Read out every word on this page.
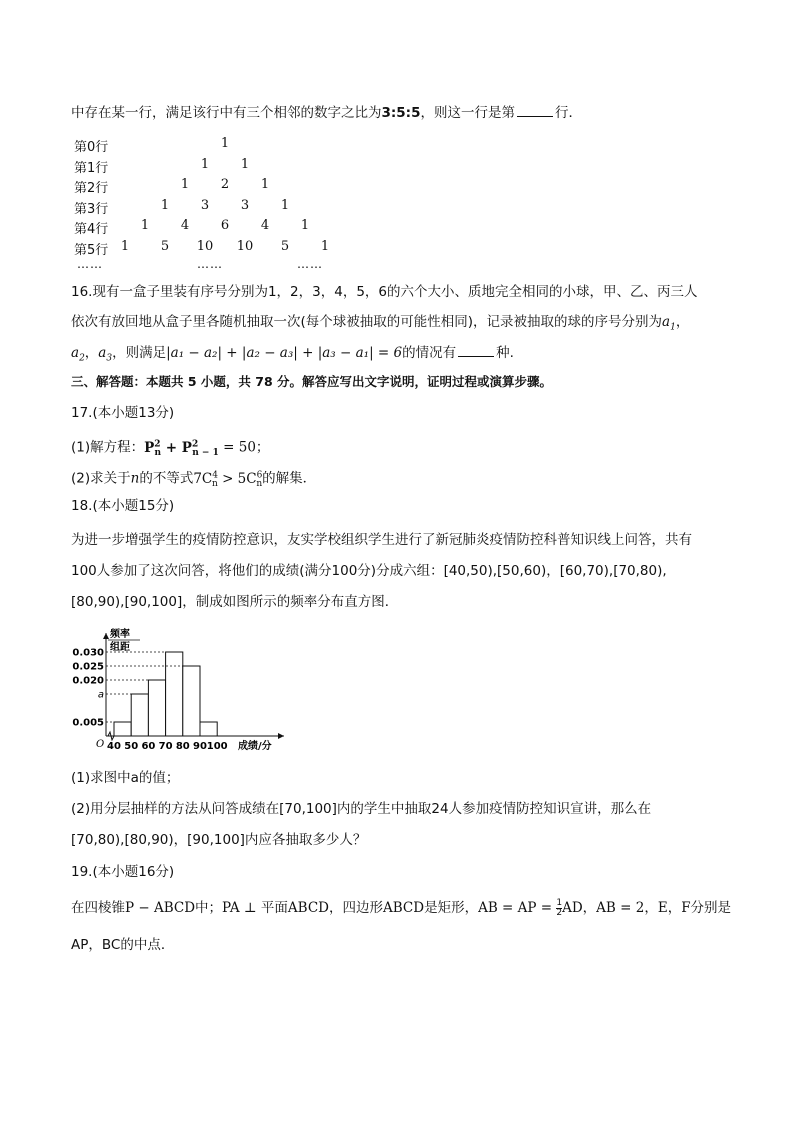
中存在某一行，满足该行中有三个相邻的数字之比为3:5:5，则这一行是第	行．
第0行	1
第1行	1 1
第2行	1 2 1
第3行	1 3 3 1
第4行	1 4 6 4 1
第5行 1 5 10 10 5 1
……	……	……
16.现有一盒子里装有序号分别为1，2，3，4，5，6的六个大小、质地完全相同的小球，甲、乙、丙三人
依次有放回地从盒子里各随机抽取一次(每个球被抽取的可能性相同)，记录被抽取的球的序号分别为$a_1$，
$a_2$，$a_3$，则满足|a₁ − a₂| + |a₂ − a₃| + |a₃ − a₁| = 6的情况有	种.
三、解答题：本题共 5 小题，共 78 分。解答应写出文字说明，证明过程或演算步骤。
17.(本小题13分)
(1)解方程：$P^2_n + P^2_{n - 1} = 50$；
(2)求关于n的不等式$7C^4_n > 5C^6_n$的解集．
18.(本小题15分)
为进一步增强学生的疫情防控意识，友实学校组织学生进行了新冠肺炎疫情防控科普知识线上问答，共有
100人参加了这次问答，将他们的成绩(满分100分)分成六组：[40,50),[50,60)，[60,70),[70,80),
[80,90),[90,100]，制成如图所示的频率分布直方图．
频率
组距
O
0.030
0.025
0.020
a
0.005
40 50 60 70 80 90 100 成绩/分
(1)求图中a的值；
(2)用分层抽样的方法从问答成绩在[70,100]内的学生中抽取24人参加疫情防控知识宣讲，那么在
[70,80),[80,90)，[90,100]内应各抽取多少人？
19.(本小题16分)
在四棱锥P − ABCD中；PA ⊥ 平面ABCD，四边形ABCD是矩形，AB = AP = $\frac{1}{2}$ AD，AB = 2，E，F分别是
AP，BC的中点．
